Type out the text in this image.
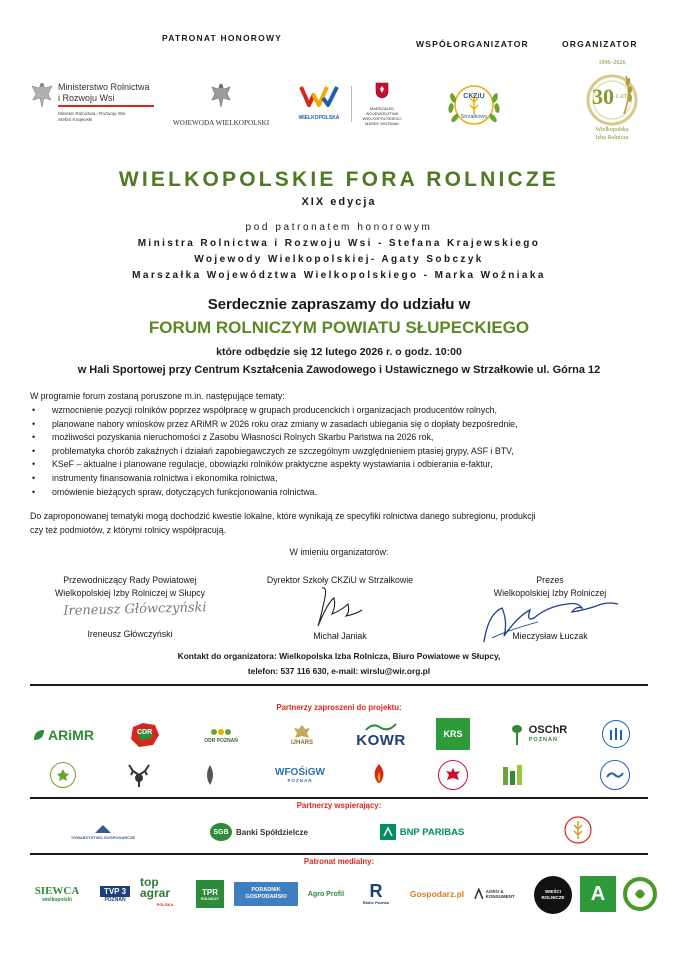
PATRONAT HONOROWY
WSPÓŁORGANIZATOR	ORGANIZATOR
Ministerstwo Rolnictwa
i Rozwoju Wsi
Minister Rolnictwa i Rozwoju Wsi
Stefan Krajewski	WOJEWODA WIELKOPOLSKI
WIELKOPOLSKA
MARSZAŁEK
WOJEWÓDZTWA
WIELKOPOLSKIEGO
MAREK WOŹNIAK
CKZiU
Strzałkowo
1996–2026
30 LAT
Wielkopolska
Izba Rolnicza
WIELKOPOLSKIE FORA ROLNICZE
XIX edycja
pod patronatem honorowym
Ministra Rolnictwa i Rozwoju Wsi - Stefana Krajewskiego
Wojewody Wielkopolskiej- Agaty Sobczyk
Marszałka Województwa Wielkopolskiego - Marka Woźniaka
Serdecznie zapraszamy do udziału w
FORUM ROLNICZYM POWIATU SŁUPECKIEGO
które odbędzie się 12 lutego 2026 r. o godz. 10:00
w Hali Sportowej przy Centrum Kształcenia Zawodowego i Ustawicznego w Strzałkowie ul. Górna 12
W programie forum zostaną poruszone m.in. następujące tematy:
• wzmocnienie pozycji rolników poprzez współpracę w grupach producenckich i organizacjach producentów rolnych,
• planowane nabory wniosków przez ARiMR w 2026 roku oraz zmiany w zasadach ubiegania się o dopłaty bezpośrednie,
• możliwości pozyskania nieruchomości z Zasobu Własności Rolnych Skarbu Państwa na 2026 rok,
• problematyka chorób zakaźnych i działań zapobiegawczych ze szczególnym uwzględnieniem ptasiej grypy, ASF i BTV,
• KSeF – aktualne i planowane regulacje, obowiązki rolników praktyczne aspekty wystawiania i odbierania e-faktur,
• instrumenty finansowania rolnictwa i ekonomika rolnictwa,
• omówienie bieżących spraw, dotyczących funkcjonowania rolnictwa.
Do zaproponowanej tematyki mogą dochodzić kwestie lokalne, które wynikają ze specyfiki rolnictwa danego subregionu, produkcji
czy też podmiotów, z którymi rolnicy współpracują.
W imieniu organizatorów:
Przewodniczący Rady Powiatowej
Wielkopolskiej Izby Rolniczej w Słupcy
Ireneusz Główczyński
Ireneusz Główczyński
Dyrektor Szkoły CKZiU w Strzałkowie
Michał Janiak
Prezes
Wielkopolskiej Izby Rolniczej
Mieczysław Łuczak
Kontakt do organizatora: Wielkopolska Izba Rolnicza, Biuro Powiatowe w Słupcy,
telefon: 537 116 630, e-mail: wirslu@wir.org.pl
Partnerzy zaproszeni do projektu:
ARiMR	CDR
ODR POZNAŃ	IJHARS	KOWR	KRS	OSChR
POZNAŃ

WFOŚiGW
POZNAŃ
Partnerzy wspierający:
TOWARZYSTWO GOSPODARCZE
SGB Banki Spółdzielcze	BNP PARIBAS
Patronat medialny:
SIEWCA
wielkopolski
TVP 3
POZNAŃ
top agrar
POLSKA
TPR
ROLNICZY
PORADNIK GOSPODARSKI	Agro Profil R
Radio Poznań
Gospodarz.pl	AGRO & KONSUMENT
WIEŚCI ROLNICZE	A
